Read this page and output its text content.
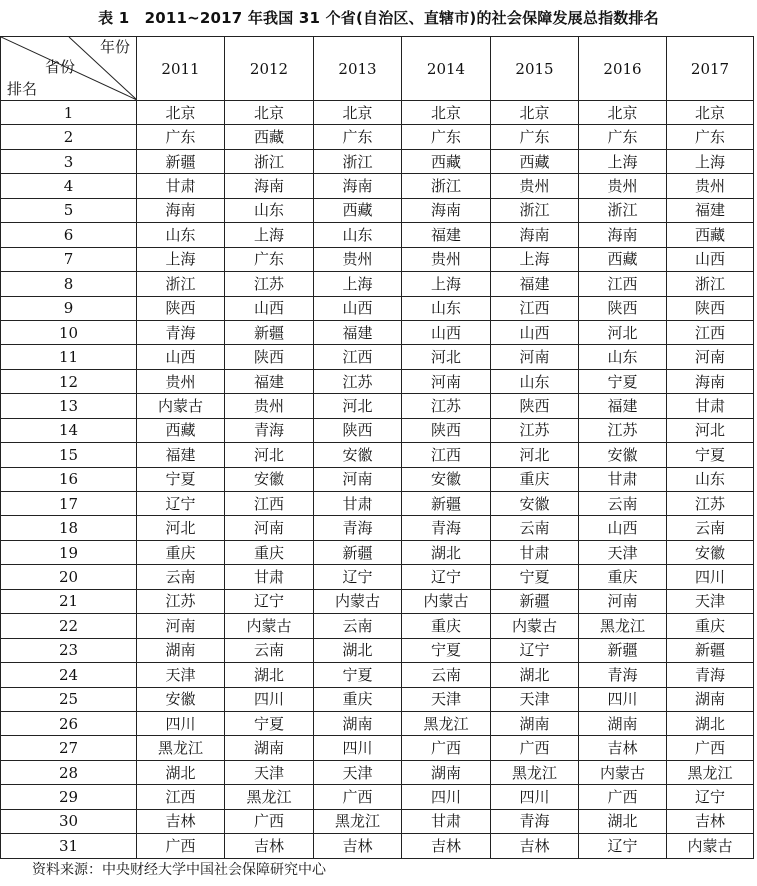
表 1　2011~2017 年我国 31 个省(自治区、直辖市)的社会保障发展总指数排名
年份
省份
排名	2011	2012	2013	2014	2015	2016	2017
1	北京	北京	北京	北京	北京	北京	北京
2	广东	西藏	广东	广东	广东	广东	广东
3	新疆	浙江	浙江	西藏	西藏	上海	上海
4	甘肃	海南	海南	浙江	贵州	贵州	贵州
5	海南	山东	西藏	海南	浙江	浙江	福建
6	山东	上海	山东	福建	海南	海南	西藏
7	上海	广东	贵州	贵州	上海	西藏	山西
8	浙江	江苏	上海	上海	福建	江西	浙江
9	陕西	山西	山西	山东	江西	陕西	陕西
10	青海	新疆	福建	山西	山西	河北	江西
11	山西	陕西	江西	河北	河南	山东	河南
12	贵州	福建	江苏	河南	山东	宁夏	海南
13	内蒙古	贵州	河北	江苏	陕西	福建	甘肃
14	西藏	青海	陕西	陕西	江苏	江苏	河北
15	福建	河北	安徽	江西	河北	安徽	宁夏
16	宁夏	安徽	河南	安徽	重庆	甘肃	山东
17	辽宁	江西	甘肃	新疆	安徽	云南	江苏
18	河北	河南	青海	青海	云南	山西	云南
19	重庆	重庆	新疆	湖北	甘肃	天津	安徽
20	云南	甘肃	辽宁	辽宁	宁夏	重庆	四川
21	江苏	辽宁	内蒙古	内蒙古	新疆	河南	天津
22	河南	内蒙古	云南	重庆	内蒙古	黑龙江	重庆
23	湖南	云南	湖北	宁夏	辽宁	新疆	新疆
24	天津	湖北	宁夏	云南	湖北	青海	青海
25	安徽	四川	重庆	天津	天津	四川	湖南
26	四川	宁夏	湖南	黑龙江	湖南	湖南	湖北
27	黑龙江	湖南	四川	广西	广西	吉林	广西
28	湖北	天津	天津	湖南	黑龙江	内蒙古	黑龙江
29	江西	黑龙江	广西	四川	四川	广西	辽宁
30	吉林	广西	黑龙江	甘肃	青海	湖北	吉林
31	广西	吉林	吉林	吉林	吉林	辽宁	内蒙古
资料来源：中央财经大学中国社会保障研究中心
